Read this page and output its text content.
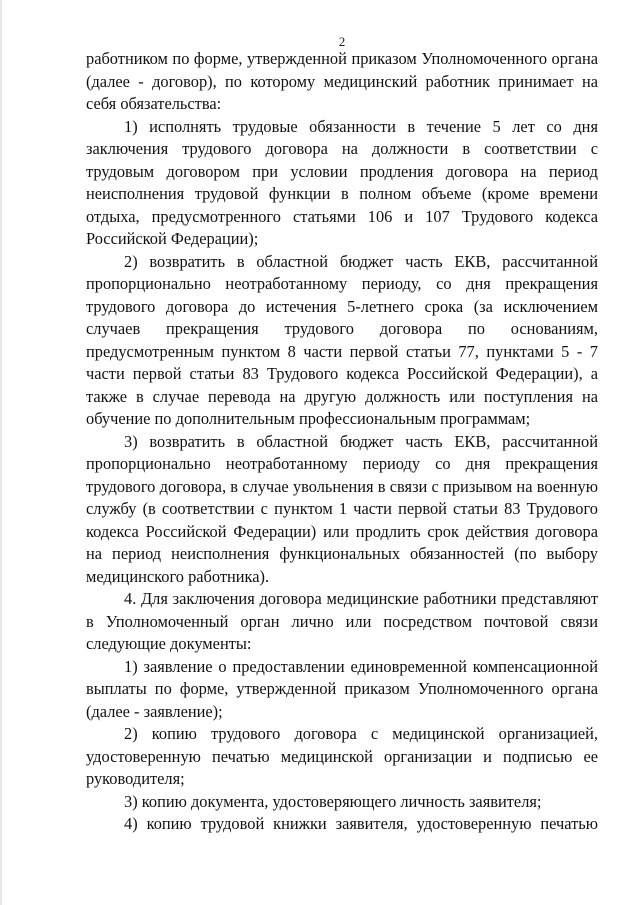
2

работником по форме, утвержденной приказом Уполномоченного органа (далее - договор), по которому медицинский работник принимает на себя обязательства:

1) исполнять трудовые обязанности в течение 5 лет со дня заключения трудового договора на должности в соответствии с трудовым договором при условии продления договора на период неисполнения трудовой функции в полном объеме (кроме времени отдыха, предусмотренного статьями 106 и 107 Трудового кодекса Российской Федерации);

2) возвратить в областной бюджет часть ЕКВ, рассчитанной пропорционально неотработанному периоду, со дня прекращения трудового договора до истечения 5-летнего срока (за исключением случаев прекращения трудового договора по основаниям, предусмотренным пунктом 8 части первой статьи 77, пунктами 5 - 7 части первой статьи 83 Трудового кодекса Российской Федерации), а также в случае перевода на другую должность или поступления на обучение по дополнительным профессиональным программам;

3) возвратить в областной бюджет часть ЕКВ, рассчитанной пропорционально неотработанному периоду со дня прекращения трудового договора, в случае увольнения в связи с призывом на военную службу (в соответствии с пунктом 1 части первой статьи 83 Трудового кодекса Российской Федерации) или продлить срок действия договора на период неисполнения функциональных обязанностей (по выбору медицинского работника).

4. Для заключения договора медицинские работники представляют в Уполномоченный орган лично или посредством почтовой связи следующие документы:

1) заявление о предоставлении единовременной компенсационной выплаты по форме, утвержденной приказом Уполномоченного органа (далее - заявление);

2) копию трудового договора с медицинской организацией, удостоверенную печатью медицинской организации и подписью ее руководителя;

3) копию документа, удостоверяющего личность заявителя;

4) копию трудовой книжки заявителя, удостоверенную печатью
